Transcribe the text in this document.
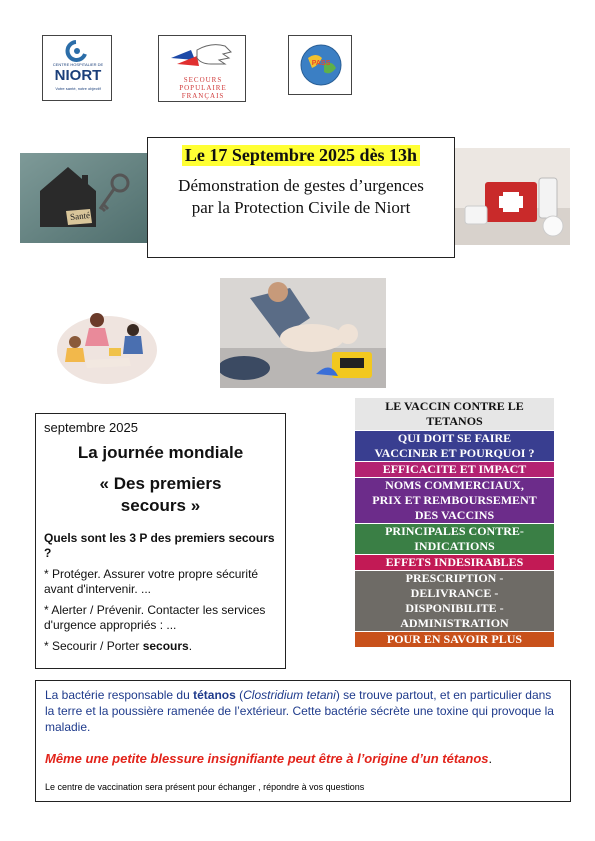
CENTRE HOSPITALIER DE
NIORT
Votre santé, notre objectif
SECOURS
POPULAIRE
FRANÇAIS
PASS
Santé
Le 17 Septembre 2025 dès 13h
Démonstration de gestes d’urgences
par la Protection Civile de Niort

septembre 2025

La journée mondiale

« Des premiers
secours »

Quels sont les 3 P des premiers secours ?

* Protéger. Assurer votre propre sécurité avant d'intervenir. ...
* Alerter / Prévenir. Contacter les services d'urgence appropriés : ...
* Secourir / Porter secours.
LE VACCIN CONTRE LE
TETANOS
QUI DOIT SE FAIRE
VACCINER ET POURQUOI ?
EFFICACITE ET IMPACT
NOMS COMMERCIAUX,
PRIX ET REMBOURSEMENT
DES VACCINS
PRINCIPALES CONTRE-
INDICATIONS
EFFETS INDESIRABLES
PRESCRIPTION -
DELIVRANCE -
DISPONIBILITE -
ADMINISTRATION
POUR EN SAVOIR PLUS

La bactérie responsable du tétanos (Clostridium tetani) se trouve partout, et en particulier dans la terre et la poussière ramenée de l’extérieur. Cette bactérie sécrète une toxine qui provoque la maladie.

Même une petite blessure insignifiante peut être à l’origine d’un tétanos.

Le centre de vaccination sera présent pour échanger , répondre à vos questions
